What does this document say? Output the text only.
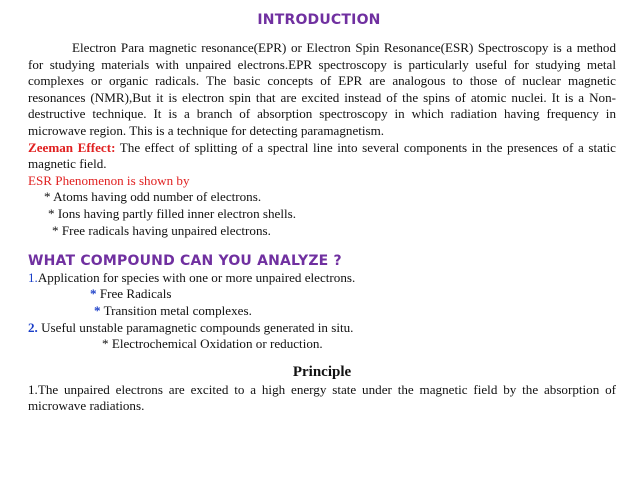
INTRODUCTION

Electron Para magnetic resonance(EPR) or Electron Spin Resonance(ESR) Spectroscopy is a method for studying materials with unpaired electrons.EPR spectroscopy is particularly useful for studying metal complexes or organic radicals. The basic concepts of EPR are analogous to those of nuclear magnetic resonances (NMR),But it is electron spin that are excited instead of the spins of atomic nuclei. It is a Non-destructive technique. It is a branch of absorption spectroscopy in which radiation having frequency in microwave region. This is a technique for detecting paramagnetism.

Zeeman Effect: The effect of splitting of a spectral line into several components in the presences of a static magnetic field.

ESR Phenomenon is shown by

* Atoms having odd number of electrons.

* Ions having partly filled inner electron shells.

* Free radicals having unpaired electrons.

WHAT COMPOUND CAN YOU ANALYZE ?

1.Application for species with one or more unpaired electrons.

* Free Radicals

* Transition metal complexes.

2. Useful unstable paramagnetic compounds generated in situ.

* Electrochemical Oxidation or reduction.

Principle

1.The unpaired electrons are excited to a high energy state under the magnetic field by the absorption of microwave radiations.
